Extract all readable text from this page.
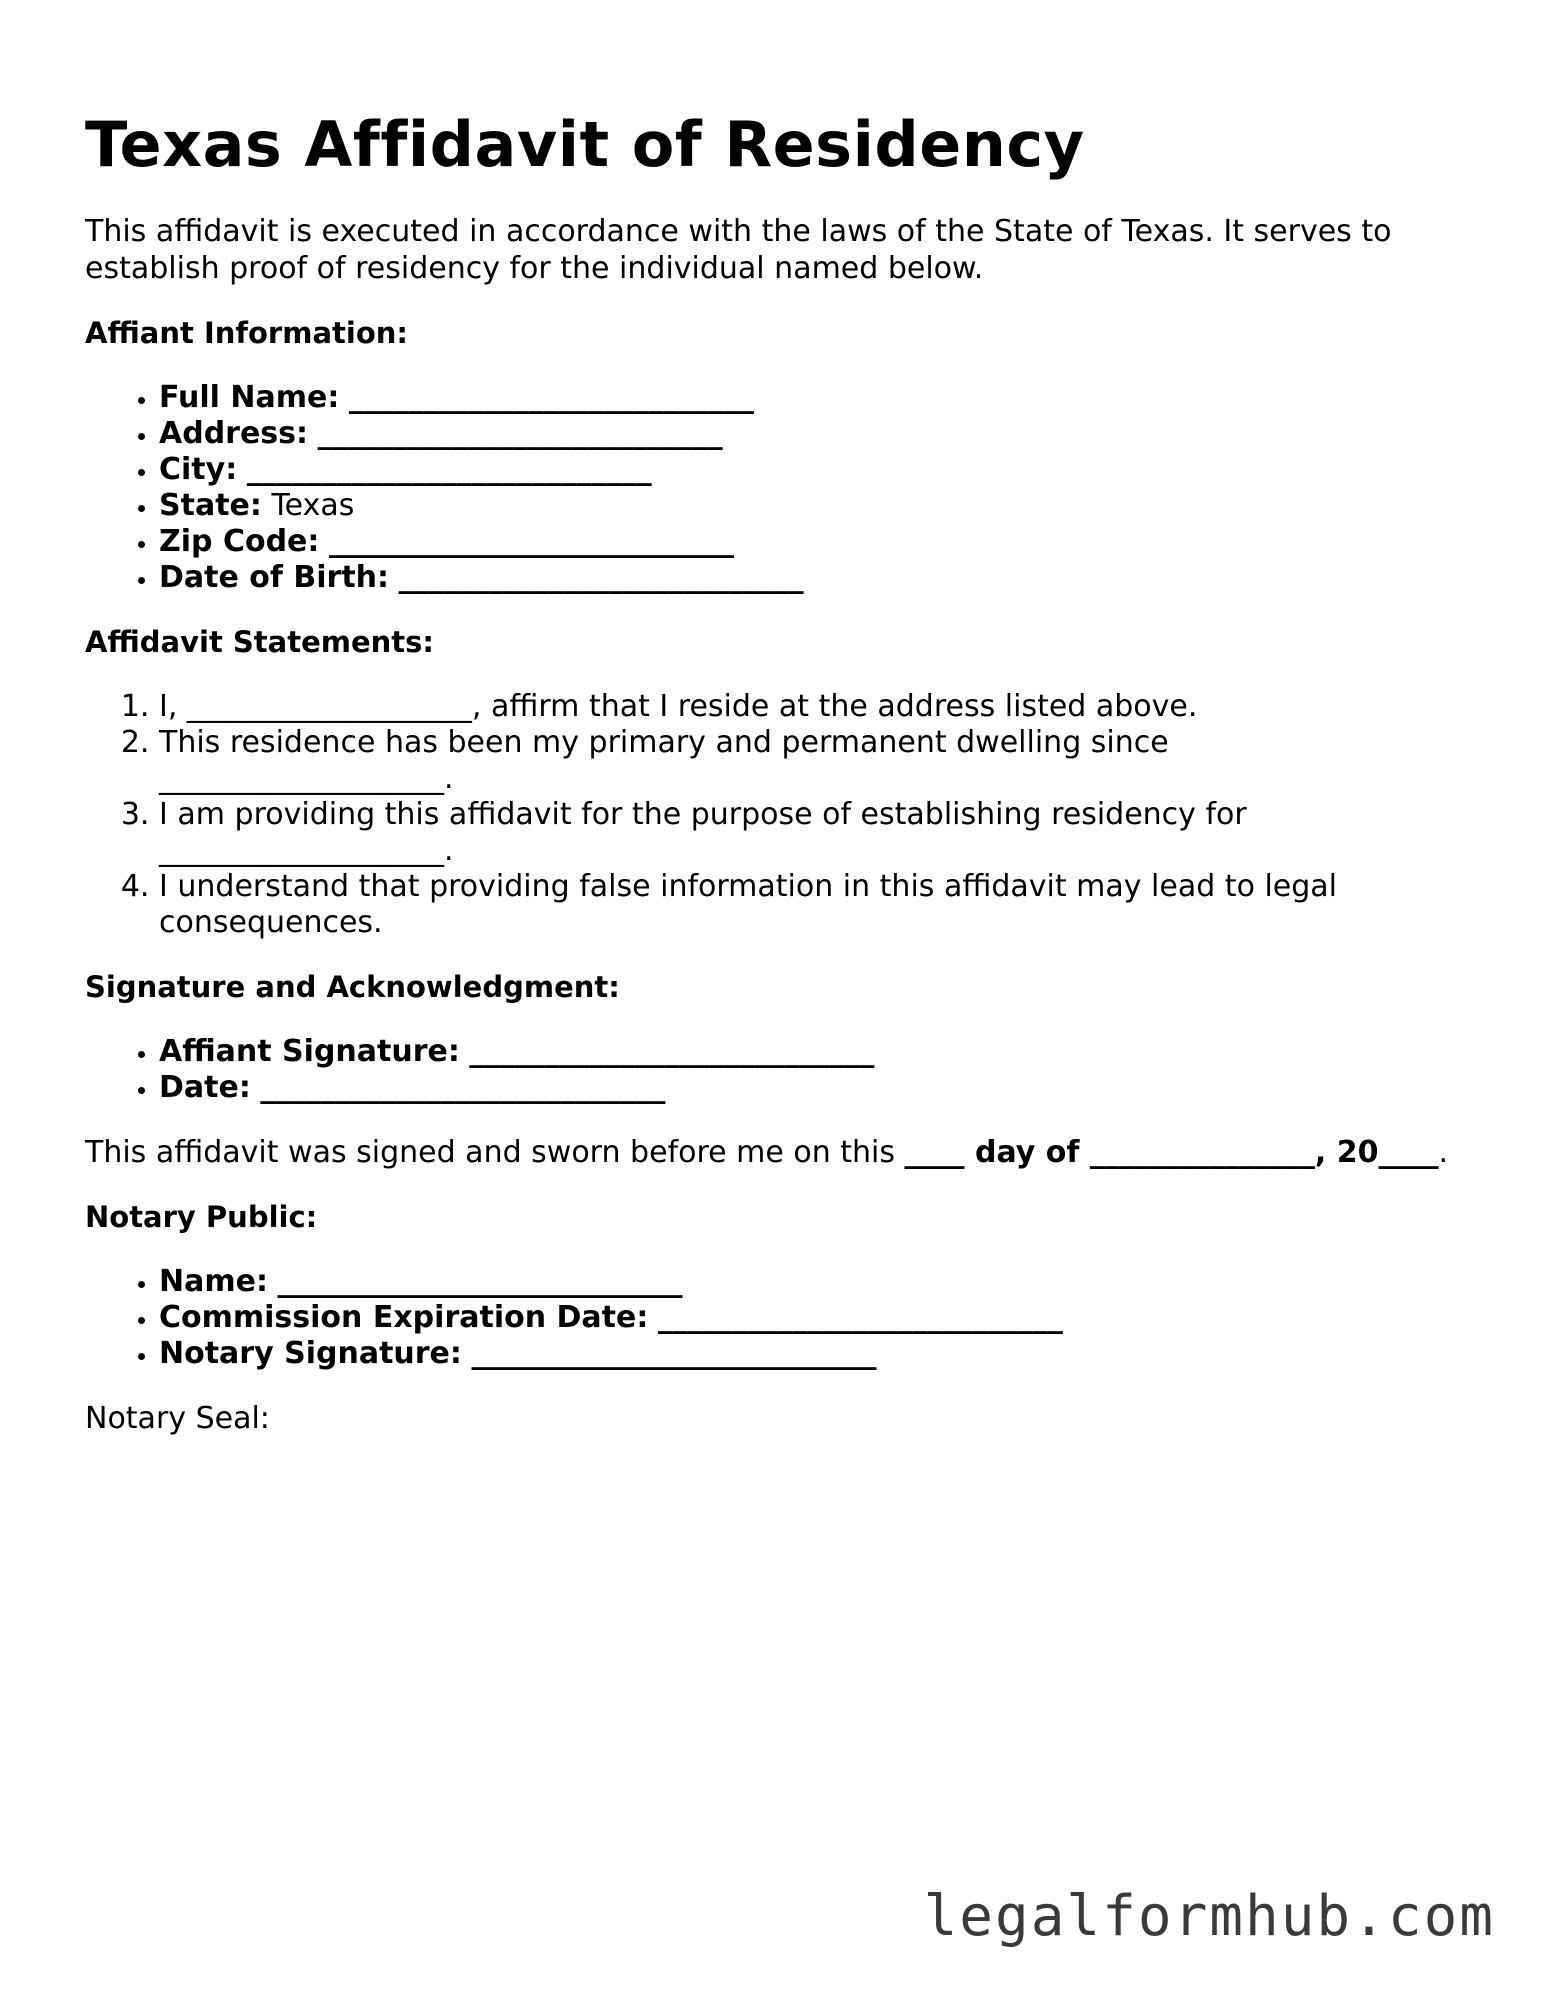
Texas Affidavit of Residency

This affidavit is executed in accordance with the laws of the State of Texas. It serves to establish proof of residency for the individual named below.

Affiant Information:
• Full Name: ___________________________
• Address: ___________________________
• City: ___________________________
• State: Texas
• Zip Code: ___________________________
• Date of Birth: ___________________________
Affidavit Statements:
1. I, ___________________, affirm that I reside at the address listed above.
2. This residence has been my primary and permanent dwelling since ___________________.
3. I am providing this affidavit for the purpose of establishing residency for ___________________.
4. I understand that providing false information in this affidavit may lead to legal consequences.
Signature and Acknowledgment:
• Affiant Signature: ___________________________
• Date: ___________________________

This affidavit was signed and sworn before me on this ____ day of _______________, 20____.

Notary Public:
• Name: ___________________________
• Commission Expiration Date: ___________________________
• Notary Signature: ___________________________

Notary Seal:

legalformhub.com
